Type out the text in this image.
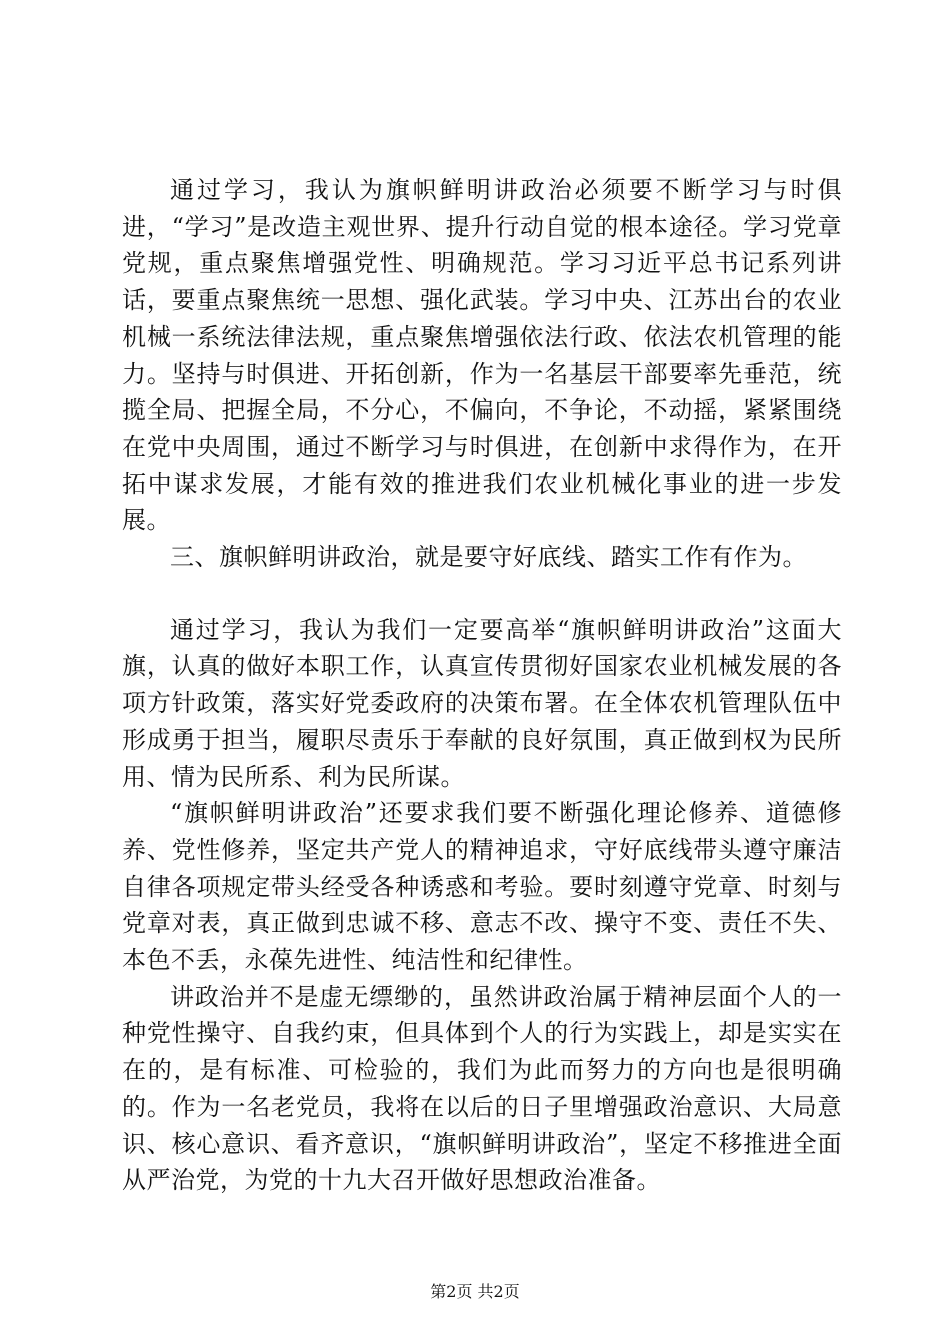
通过学习，我认为旗帜鲜明讲政治必须要不断学习与时俱进，“学习”是改造主观世界、提升行动自觉的根本途径。学习党章党规，重点聚焦增强党性、明确规范。学习习近平总书记系列讲话，要重点聚焦统一思想、强化武装。学习中央、江苏出台的农业机械一系统法律法规，重点聚焦增强依法行政、依法农机管理的能力。坚持与时俱进、开拓创新，作为一名基层干部要率先垂范，统揽全局、把握全局，不分心，不偏向，不争论，不动摇，紧紧围绕在党中央周围，通过不断学习与时俱进，在创新中求得作为，在开拓中谋求发展，才能有效的推进我们农业机械化事业的进一步发展。

三、旗帜鲜明讲政治，就是要守好底线、踏实工作有作为。

通过学习，我认为我们一定要高举“旗帜鲜明讲政治”这面大旗，认真的做好本职工作，认真宣传贯彻好国家农业机械发展的各项方针政策，落实好党委政府的决策布署。在全体农机管理队伍中形成勇于担当，履职尽责乐于奉献的良好氛围，真正做到权为民所用、情为民所系、利为民所谋。

“旗帜鲜明讲政治”还要求我们要不断强化理论修养、道德修养、党性修养，坚定共产党人的精神追求，守好底线带头遵守廉洁自律各项规定带头经受各种诱惑和考验。要时刻遵守党章、时刻与党章对表，真正做到忠诚不移、意志不改、操守不变、责任不失、本色不丢，永葆先进性、纯洁性和纪律性。

讲政治并不是虚无缥缈的，虽然讲政治属于精神层面个人的一种党性操守、自我约束，但具体到个人的行为实践上，却是实实在在的，是有标准、可检验的，我们为此而努力的方向也是很明确的。作为一名老党员，我将在以后的日子里增强政治意识、大局意识、核心意识、看齐意识，“旗帜鲜明讲政治”，坚定不移推进全面从严治党，为党的十九大召开做好思想政治准备。

第2页 共2页
